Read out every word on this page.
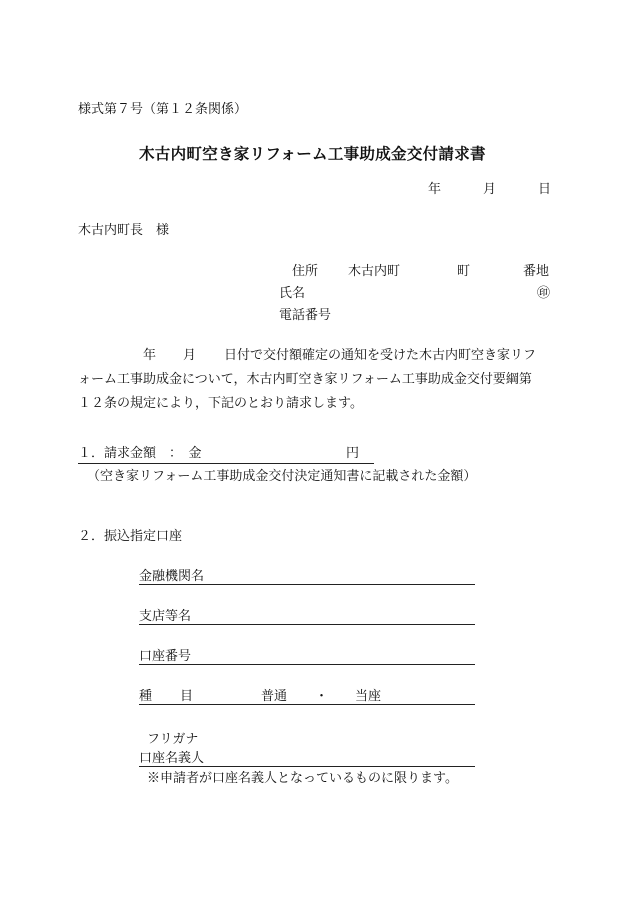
様式第７号（第１２条関係）
木古内町空き家リフォーム工事助成金交付請求書
年	月	日
木古内町長　様
住所 木古内町	町	番地
氏名	㊞
電話番号
年 月 日付で交付額確定の通知を受けた木古内町空き家リフ

ォーム工事助成金について，木古内町空き家リフォーム工事助成金交付要綱第

１２条の規定により，下記のとおり請求します。

１．請求金額　：　金	円
（空き家リフォーム工事助成金交付決定通知書に記載された金額）
２．振込指定口座
金融機関名
支店等名
口座番号
種 目	普通 ・ 当座
フリガナ
口座名義人
※申請者が口座名義人となっているものに限ります。
